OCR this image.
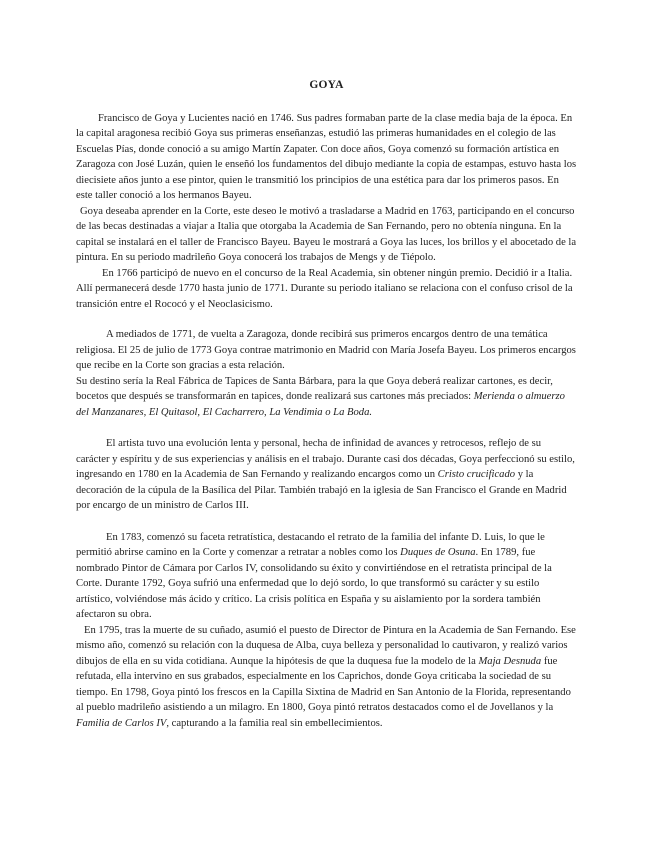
GOYA

Francisco de Goya y Lucientes nació en 1746. Sus padres formaban parte de la clase media baja de la época. En la capital aragonesa recibió Goya sus primeras enseñanzas, estudió las primeras humanidades en el colegio de las Escuelas Pías, donde conoció a su amigo Martín Zapater. Con doce años, Goya comenzó su formación artística en Zaragoza con José Luzán, quien le enseñó los fundamentos del dibujo mediante la copia de estampas, estuvo hasta los diecisiete años junto a ese pintor, quien le transmitió los principios de una estética para dar los primeros pasos. En este taller conoció a los hermanos Bayeu.

Goya deseaba aprender en la Corte, este deseo le motivó a trasladarse a Madrid en 1763, participando en el concurso de las becas destinadas a viajar a Italia que otorgaba la Academia de San Fernando, pero no obtenía ninguna. En la capital se instalará en el taller de Francisco Bayeu. Bayeu le mostrará a Goya las luces, los brillos y el abocetado de la pintura. En su periodo madrileño Goya conocerá los trabajos de Mengs y de Tiépolo.

En 1766 participó de nuevo en el concurso de la Real Academia, sin obtener ningún premio. Decidió ir a Italia. Allí permanecerá desde 1770 hasta junio de 1771. Durante su periodo italiano se relaciona con el confuso crisol de la transición entre el Rococó y el Neoclasicismo.

A mediados de 1771, de vuelta a Zaragoza, donde recibirá sus primeros encargos dentro de una temática religiosa. El 25 de julio de 1773 Goya contrae matrimonio en Madrid con María Josefa Bayeu. Los primeros encargos que recibe en la Corte son gracias a esta relación.

Su destino sería la Real Fábrica de Tapices de Santa Bárbara, para la que Goya deberá realizar cartones, es decir, bocetos que después se transformarán en tapices, donde realizará sus cartones más preciados: Merienda o almuerzo del Manzanares, El Quitasol, El Cacharrero, La Vendimia o La Boda.

El artista tuvo una evolución lenta y personal, hecha de infinidad de avances y retrocesos, reflejo de su carácter y espíritu y de sus experiencias y análisis en el trabajo. Durante casi dos décadas, Goya perfeccionó su estilo, ingresando en 1780 en la Academia de San Fernando y realizando encargos como un Cristo crucificado y la decoración de la cúpula de la Basílica del Pilar. También trabajó en la iglesia de San Francisco el Grande en Madrid por encargo de un ministro de Carlos III.

En 1783, comenzó su faceta retratística, destacando el retrato de la familia del infante D. Luis, lo que le permitió abrirse camino en la Corte y comenzar a retratar a nobles como los Duques de Osuna. En 1789, fue nombrado Pintor de Cámara por Carlos IV, consolidando su éxito y convirtiéndose en el retratista principal de la Corte. Durante 1792, Goya sufrió una enfermedad que lo dejó sordo, lo que transformó su carácter y su estilo artístico, volviéndose más ácido y crítico. La crisis política en España y su aislamiento por la sordera también afectaron su obra.

En 1795, tras la muerte de su cuñado, asumió el puesto de Director de Pintura en la Academia de San Fernando. Ese mismo año, comenzó su relación con la duquesa de Alba, cuya belleza y personalidad lo cautivaron, y realizó varios dibujos de ella en su vida cotidiana. Aunque la hipótesis de que la duquesa fue la modelo de la Maja Desnuda fue refutada, ella intervino en sus grabados, especialmente en los Caprichos, donde Goya criticaba la sociedad de su tiempo. En 1798, Goya pintó los frescos en la Capilla Sixtina de Madrid en San Antonio de la Florida, representando al pueblo madrileño asistiendo a un milagro. En 1800, Goya pintó retratos destacados como el de Jovellanos y la Familia de Carlos IV, capturando a la familia real sin embellecimientos.
